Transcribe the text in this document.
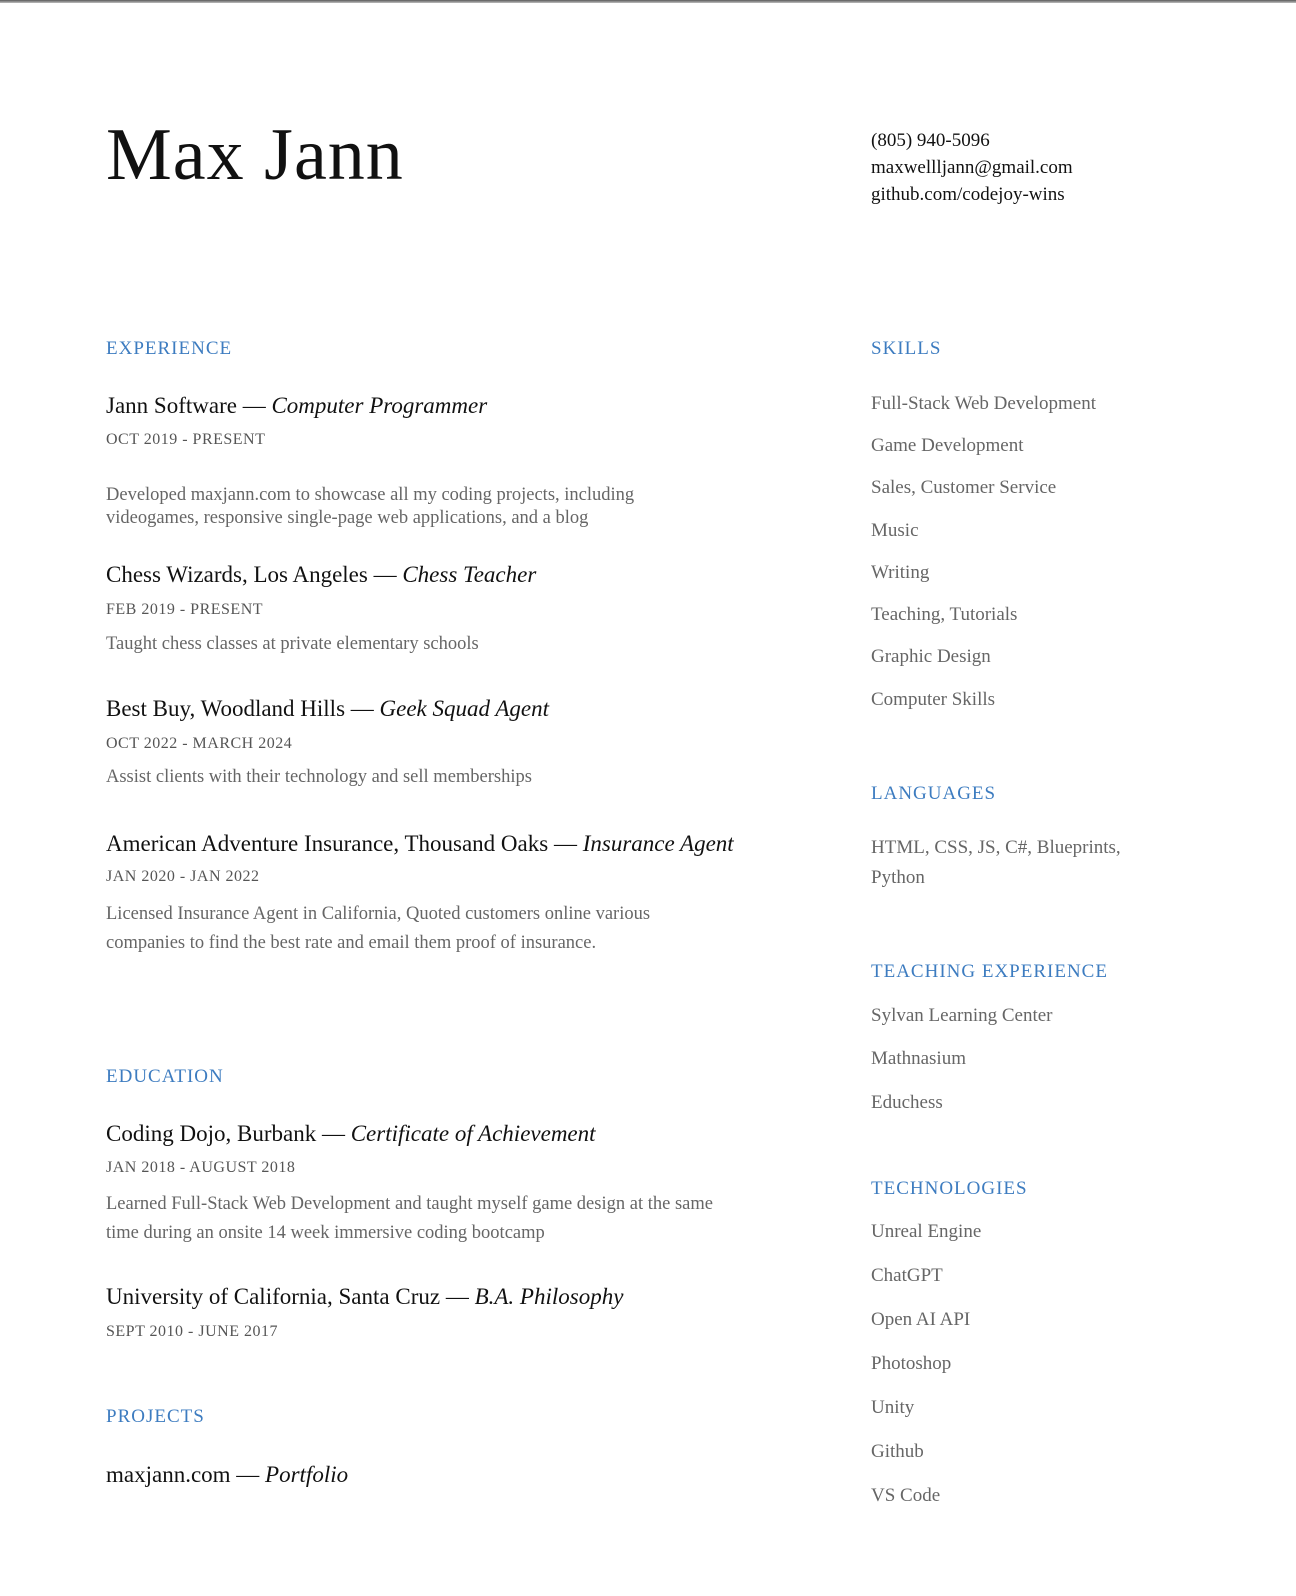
Max Jann	(805) 940-5096
maxwellljann@gmail.com
github.com/codejoy-wins
EXPERIENCE
Jann Software — Computer Programmer
OCT 2019 - PRESENT
Developed maxjann.com to showcase all my coding projects, including
videogames, responsive single-page web applications, and a blog
Chess Wizards, Los Angeles — Chess Teacher
FEB 2019 - PRESENT
Taught chess classes at private elementary schools
Best Buy, Woodland Hills — Geek Squad Agent
OCT 2022 - MARCH 2024
Assist clients with their technology and sell memberships
American Adventure Insurance, Thousand Oaks — Insurance Agent
JAN 2020 - JAN 2022
Licensed Insurance Agent in California, Quoted customers online various
companies to find the best rate and email them proof of insurance.
EDUCATION
Coding Dojo, Burbank — Certificate of Achievement
JAN 2018 - AUGUST 2018
Learned Full-Stack Web Development and taught myself game design at the same
time during an onsite 14 week immersive coding bootcamp
University of California, Santa Cruz — B.A. Philosophy
SEPT 2010 - JUNE 2017
PROJECTS
maxjann.com — Portfolio
SKILLS
Full-Stack Web Development
Game Development
Sales, Customer Service
Music
Writing
Teaching, Tutorials
Graphic Design
Computer Skills
LANGUAGES
HTML, CSS, JS, C#, Blueprints, Python
TEACHING EXPERIENCE
Sylvan Learning Center
Mathnasium
Educhess
TECHNOLOGIES
Unreal Engine
ChatGPT
Open AI API
Photoshop
Unity
Github
VS Code
